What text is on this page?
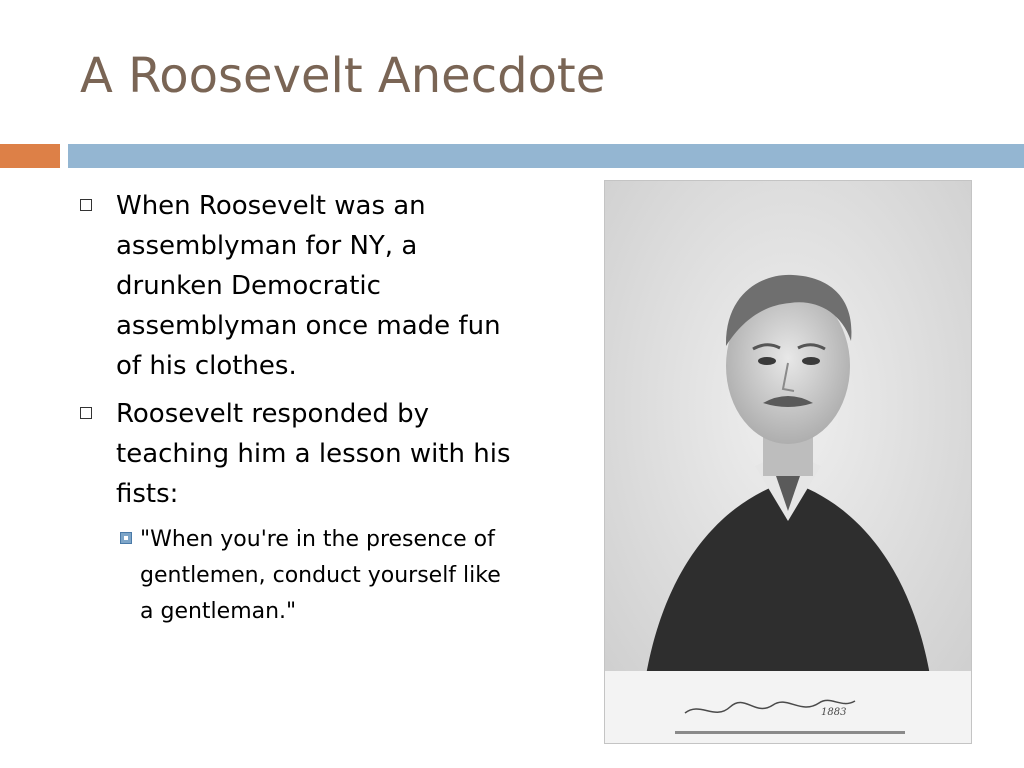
A Roosevelt Anecdote
When Roosevelt was an assemblyman for NY, a drunken Democratic assemblyman once made fun of his clothes.
Roosevelt responded by teaching him a lesson with his fists:
"When you're in the presence of gentlemen, conduct yourself like a gentleman."
1883
